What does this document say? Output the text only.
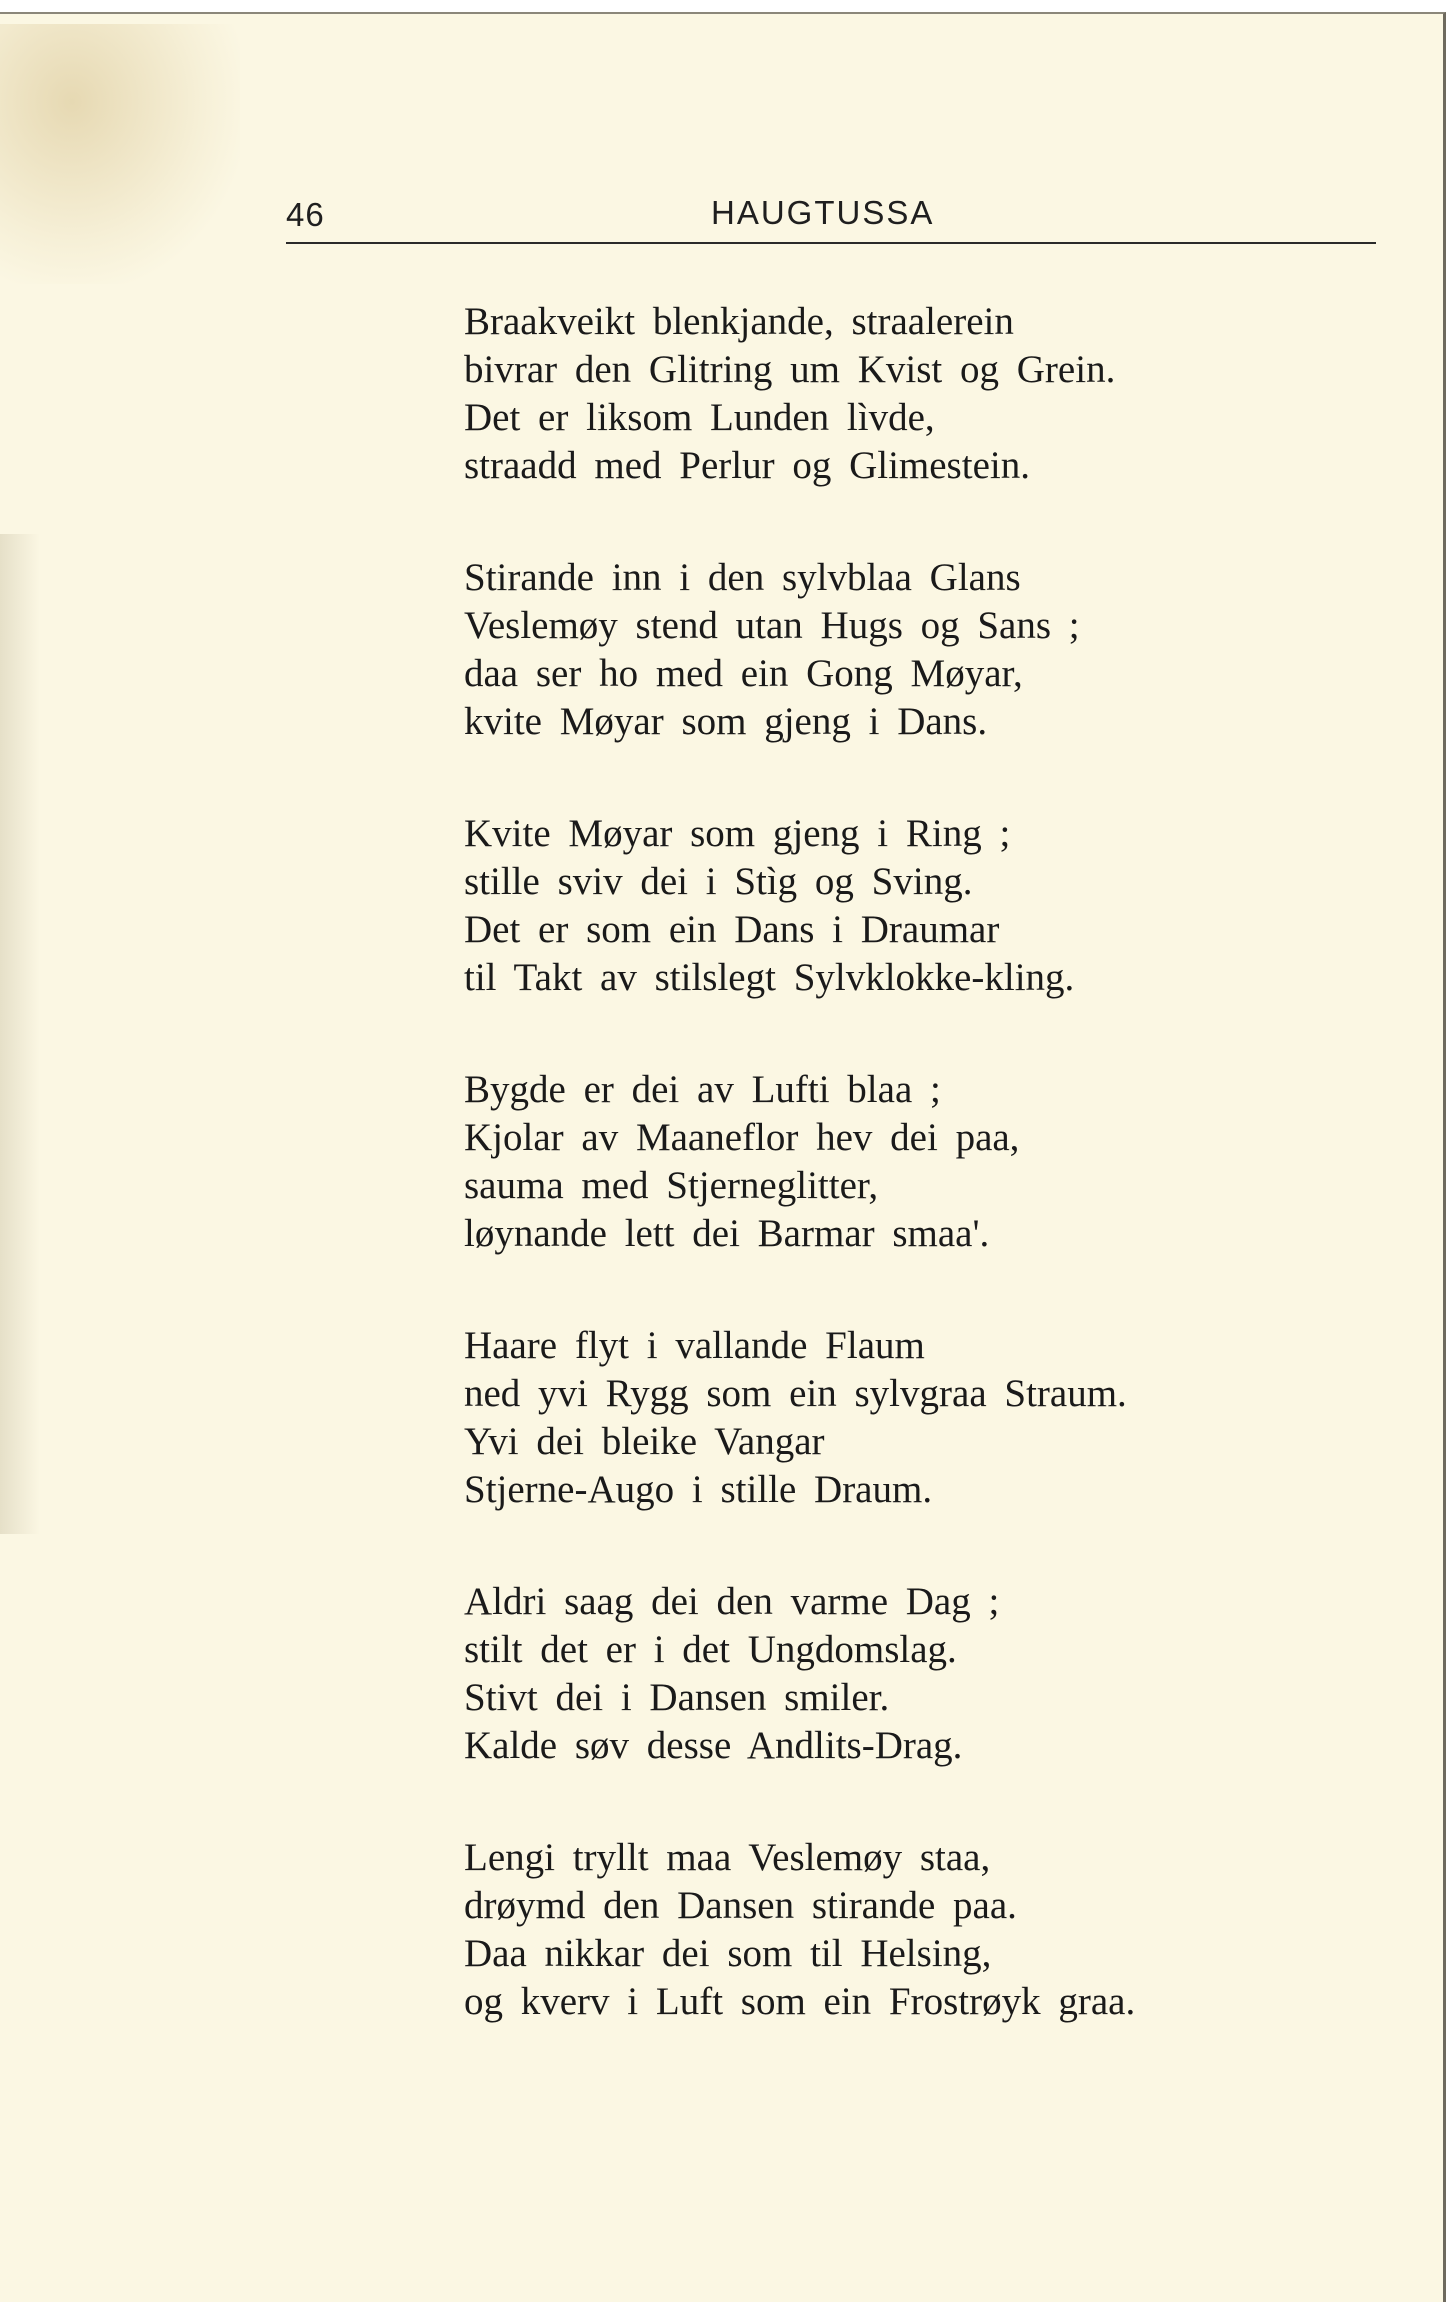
46	HAUGTUSSA
Braakveikt blenkjande, straalerein
bivrar den Glitring um Kvist og Grein.
Det er liksom Lunden lìvde,
straadd med Perlur og Glimestein.
Stirande inn i den sylvblaa Glans
Veslemøy stend utan Hugs og Sans ;
daa ser ho med ein Gong Møyar,
kvite Møyar som gjeng i Dans.
Kvite Møyar som gjeng i Ring ;
stille sviv dei i Stìg og Sving.
Det er som ein Dans i Draumar
til Takt av stilslegt Sylvklokke-kling.
Bygde er dei av Lufti blaa ;
Kjolar av Maaneflor hev dei paa,
sauma med Stjerneglitter,
løynande lett dei Barmar smaa'.
Haare flyt i vallande Flaum
ned yvi Rygg som ein sylvgraa Straum.
Yvi dei bleike Vangar
Stjerne-Augo i stille Draum.
Aldri saag dei den varme Dag ;
stilt det er i det Ungdomslag.
Stivt dei i Dansen smiler.
Kalde søv desse Andlits-Drag.
Lengi tryllt maa Veslemøy staa,
drøymd den Dansen stirande paa.
Daa nikkar dei som til Helsing,
og kverv i Luft som ein Frostrøyk graa.
